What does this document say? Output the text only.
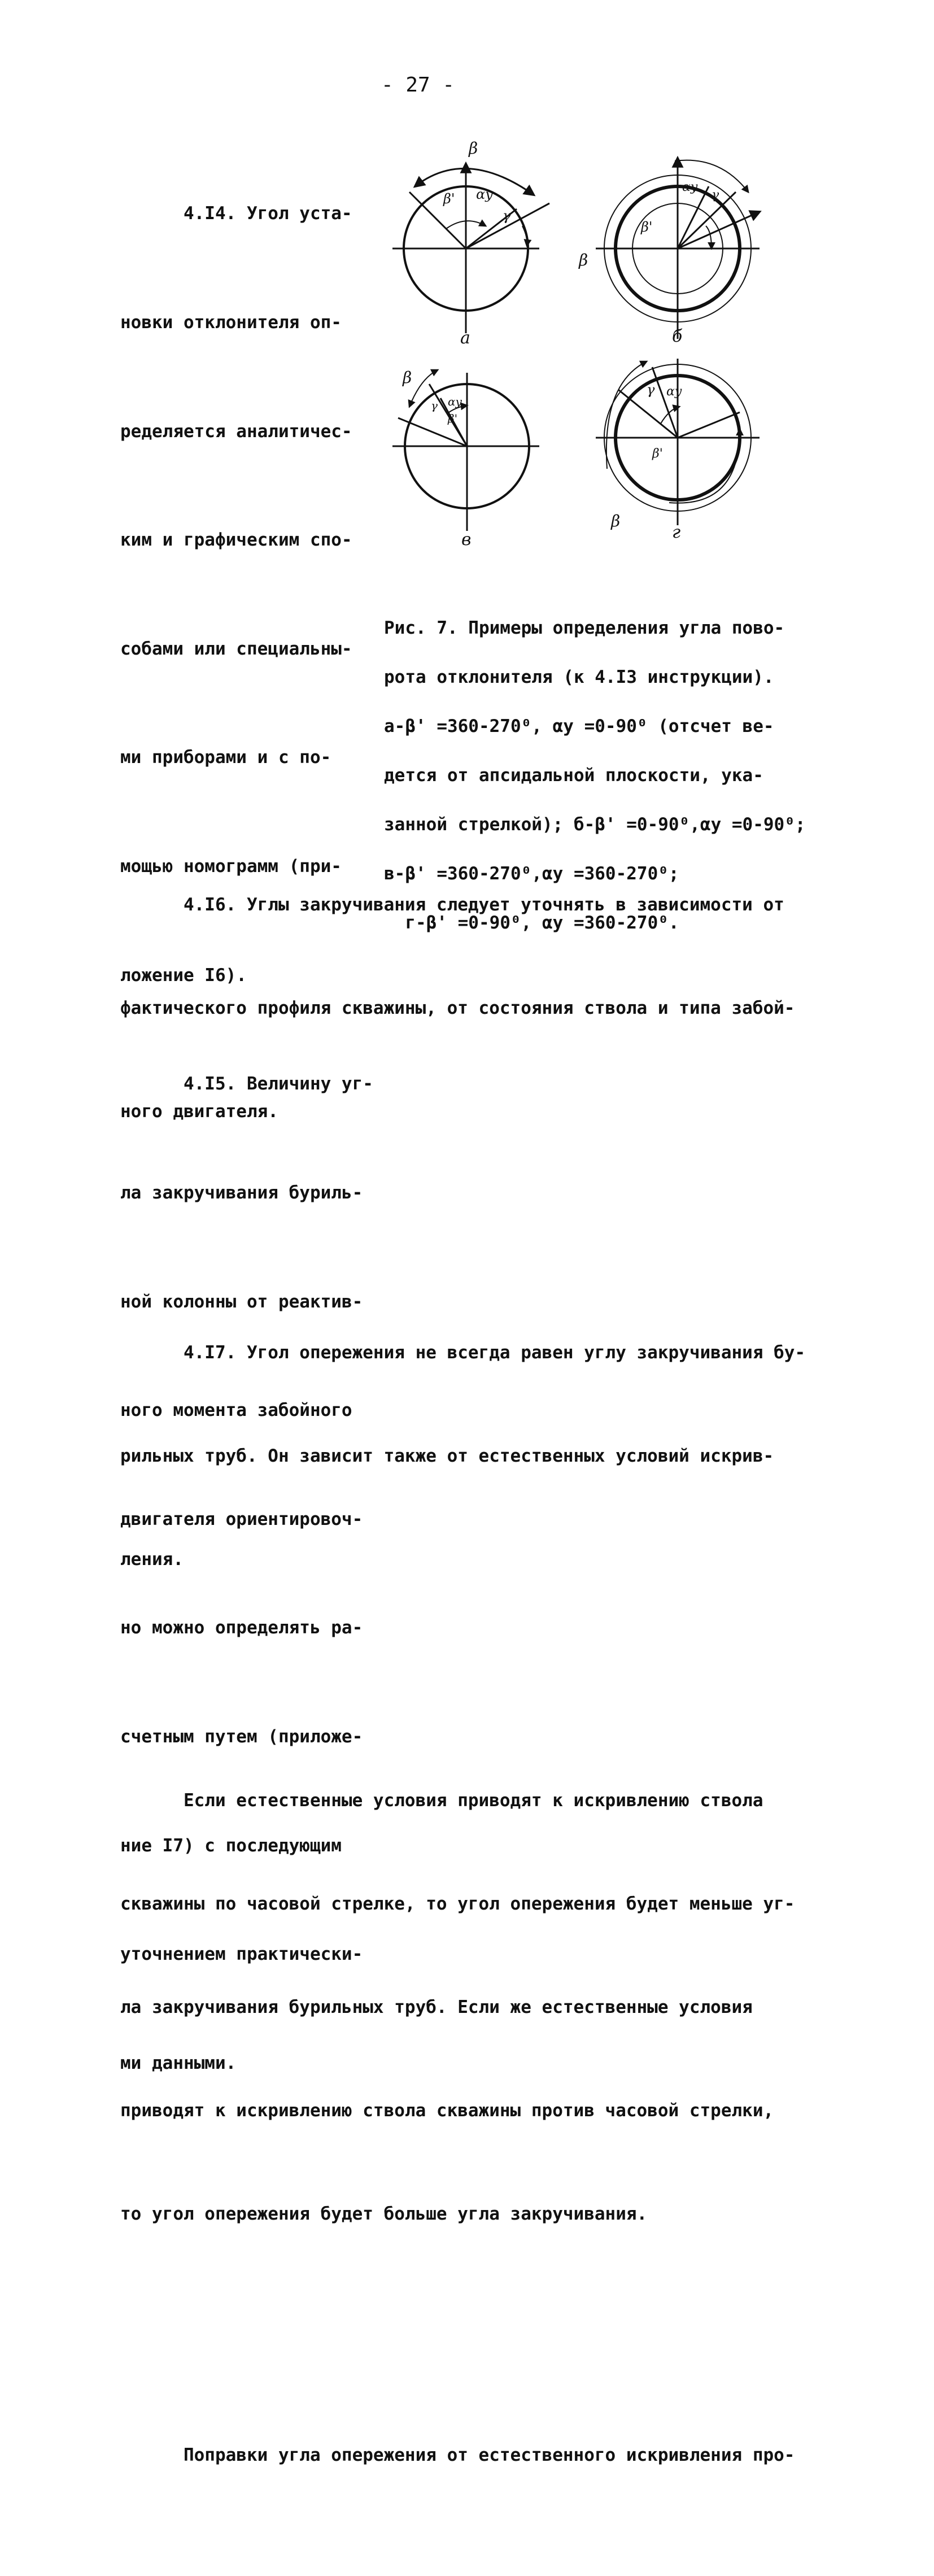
- 27 -

4.I4. Угол уста-

новки отклонителя оп-

ределяется аналитичес-

ким и графическим спо-

собами или специальны-

ми приборами и с по-

мощью номограмм (при-

ложение I6).

4.I5. Величину уг-

ла закручивания буриль-

ной колонны от реактив-

ного момента забойного

двигателя ориентировоч-

но можно определять ра-

счетным путем (приложе-

ние I7) с последующим

уточнением практически-

ми данными.

β
β' αy
γ
а
αy
γ
β'
β
б
β
γ αy
β'
в
γ αy
β'
β
г

Рис. 7. Примеры определения угла пово-

рота отклонителя (к 4.I3 инструкции).

а-β' =360-270⁰, αy =0-90⁰ (отсчет ве-

дется от апсидальной плоскости, ука-

занной стрелкой); б-β' =0-90⁰,αy =0-90⁰;

в-β' =360-270⁰,αy =360-270⁰;

г-β' =0-90⁰, αy =360-270⁰.

4.I6. Углы закручивания следует уточнять в зависимости от

фактического профиля скважины, от состояния ствола и типа забой-

ного двигателя.

4.I7. Угол опережения не всегда равен углу закручивания бу-

рильных труб. Он зависит также от естественных условий искрив-

ления.

Если естественные условия приводят к искривлению ствола

скважины по часовой стрелке, то угол опережения будет меньше уг-

ла закручивания бурильных труб. Если же естественные условия

приводят к искривлению ствола скважины против часовой стрелки,

то угол опережения будет больше угла закручивания.

Поправки угла опережения от естественного искривления про-
